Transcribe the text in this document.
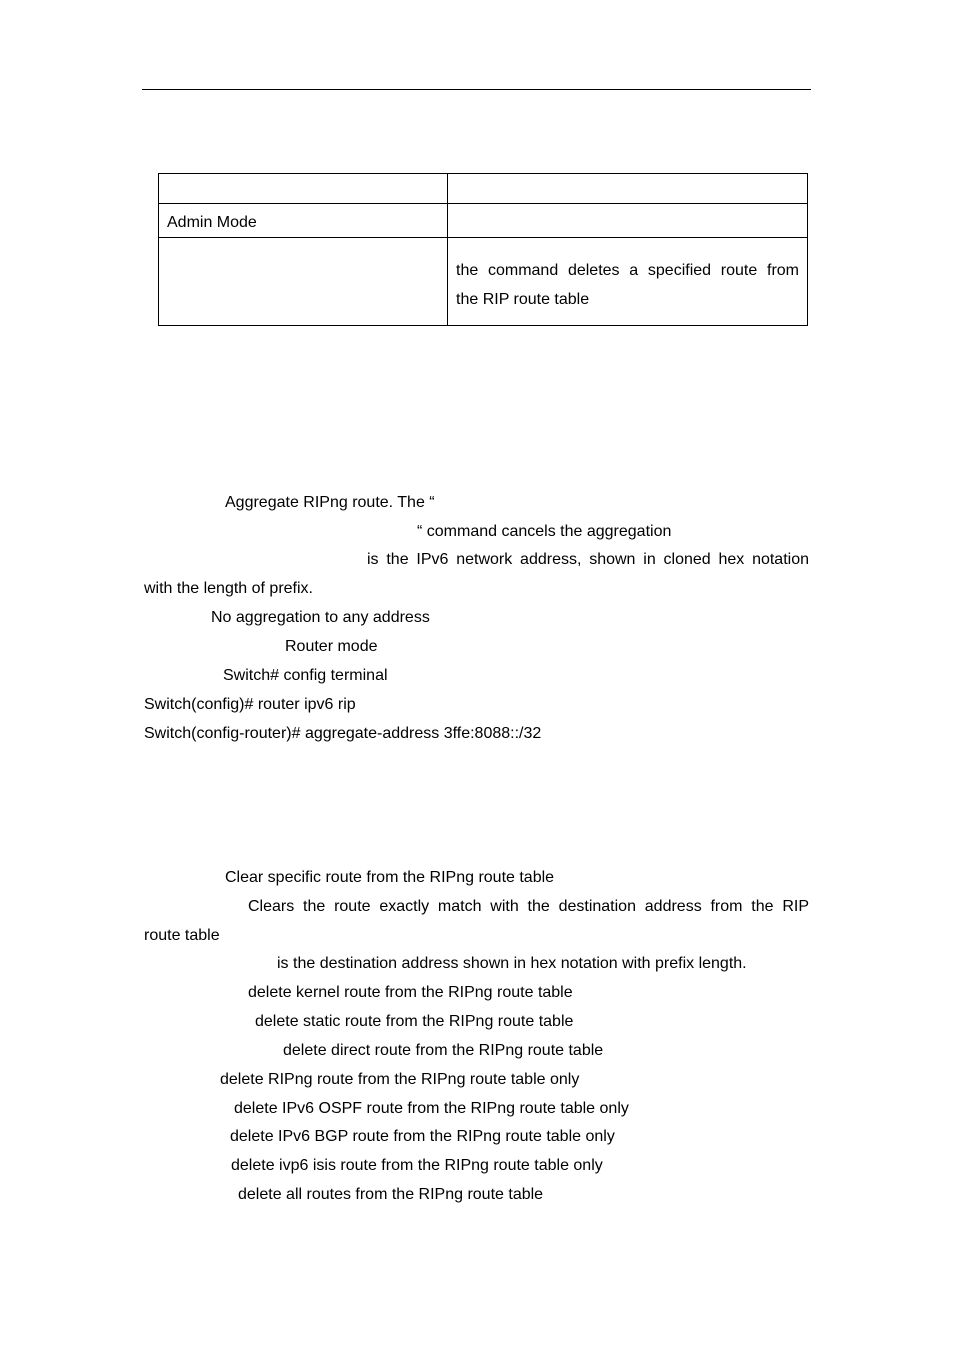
Admin Mode	

	the command deletes a specified route from
the RIP route table
Aggregate RIPng route. The “
“ command cancels the aggregation
is the IPv6 network address, shown in cloned hex notation
with the length of prefix.
No aggregation to any address
Router mode
Switch# config terminal
Switch(config)# router ipv6 rip
Switch(config-router)# aggregate-address 3ffe:8088::/32
Clear specific route from the RIPng route table
Clears the route exactly match with the destination address from the RIP
route table
is the destination address shown in hex notation with prefix length.
delete kernel route from the RIPng route table
delete static route from the RIPng route table
delete direct route from the RIPng route table
delete RIPng route from the RIPng route table only
delete IPv6 OSPF route from the RIPng route table only
delete IPv6 BGP route from the RIPng route table only
delete ivp6 isis route from the RIPng route table only
delete all routes from the RIPng route table
